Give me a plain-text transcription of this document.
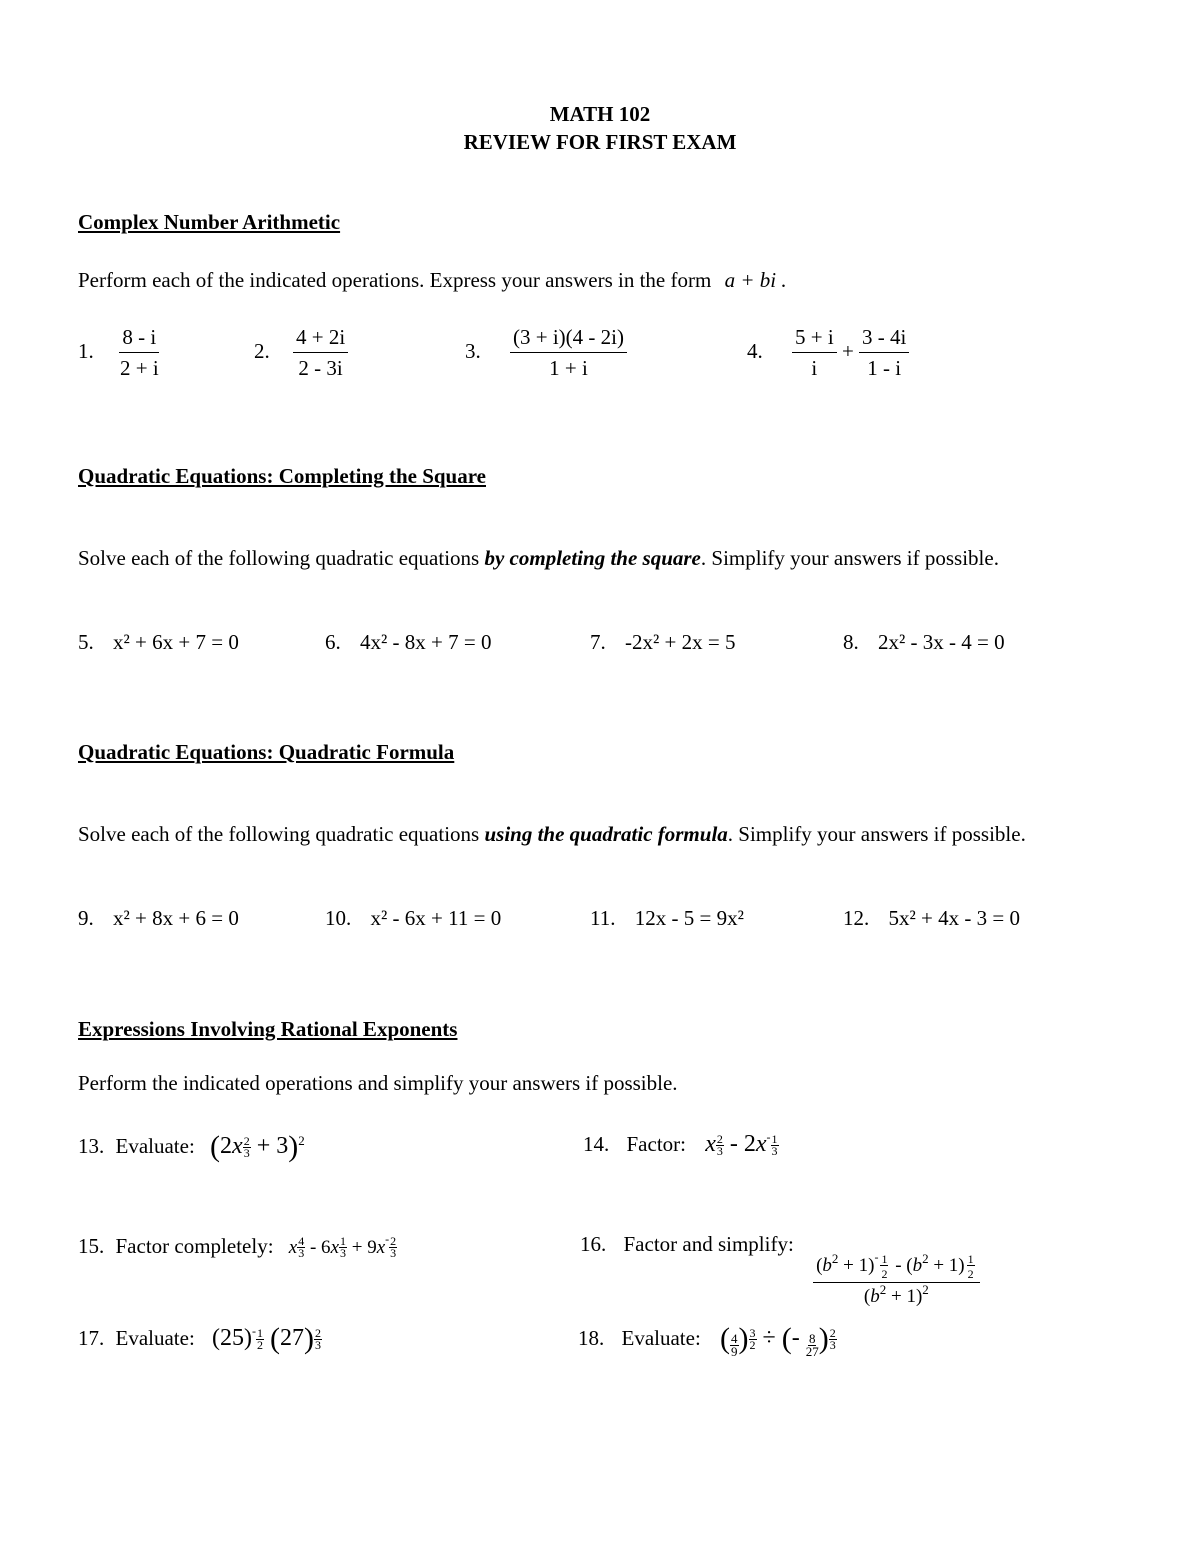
MATH 102
REVIEW FOR FIRST EXAM
Complex Number Arithmetic
Perform each of the indicated operations. Express your answers in the form a + bi .
1. $\frac{8 - i}{2 + i}$	2. $\frac{4 + 2i}{2 - 3i}$	3. $\frac{(3 + i)(4 - 2i)}{1 + i}$	4. $\frac{5 + i}{i} + \frac{3 - 4i}{1 - i}$
Quadratic Equations: Completing the Square
Solve each of the following quadratic equations by completing the square. Simplify your answers if possible.
5. x² + 6x + 7 = 0	6. 4x² - 8x + 7 = 0	7. -2x² + 2x = 5	8. 2x² - 3x - 4 = 0
Quadratic Equations: Quadratic Formula
Solve each of the following quadratic equations using the quadratic formula. Simplify your answers if possible.
9. x² + 8x + 6 = 0	10. x² - 6x + 11 = 0	11. 12x - 5 = 9x²	12. 5x² + 4x - 3 = 0
Expressions Involving Rational Exponents
Perform the indicated operations and simplify your answers if possible.
13. Evaluate: $(2x \frac{2}{3} + 3)^2$	14. Factor: x $\frac{2}{3} - 2x^- \frac{1}{3}$
15. Factor completely: x $\frac{4}{3} - 6x \frac{1}{3} + 9x^- \frac{2}{3}$	16. Factor and simplify:
$\frac{(b^2 + 1)^- \frac{1}{2} - (b^2 + 1) \frac{1}{2}}{(b^2 + 1)^2}$
17. Evaluate: $(25)^- \frac{1}{2} (27) \frac{2}{3}$	18. Evaluate: ( $\frac{4}{9}$ ) $\frac{3}{2}$ ÷ (- $\frac{8}{27}$ ) $\frac{2}{3}$
